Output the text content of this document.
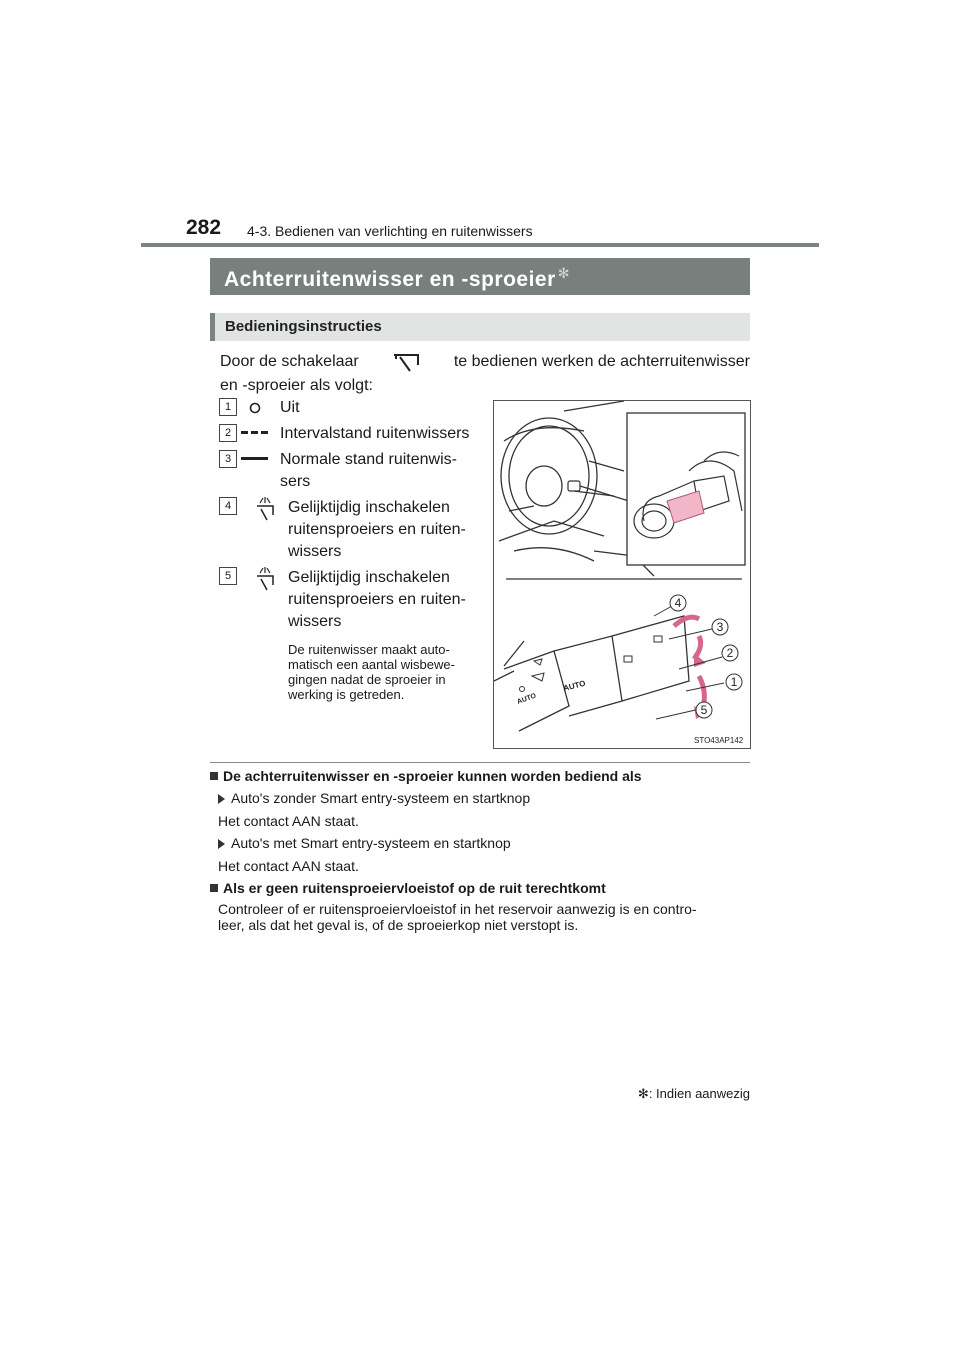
282 4-3. Bedienen van verlichting en ruitenwissers
Achterruitenwisser en -sproeier ✻
Bedieningsinstructies
Door de schakelaar	te bedienen werken de achterruitenwisser
en -sproeier als volgt:
1	Uit
2	Intervalstand ruitenwissers
3	Normale stand ruitenwis-
sers
4	Gelijktijdig inschakelen
ruitensproeiers en ruiten-
wissers
5	Gelijktijdig inschakelen
ruitensproeiers en ruiten-
wissers
De ruitenwisser maakt auto-
matisch een aantal wisbewe-
gingen nadat de sproeier in
werking is getreden.
AUTO
AUTO
4
3
2
1
5
STO43AP142
De achterruitenwisser en -sproeier kunnen worden bediend als
Auto's zonder Smart entry-systeem en startknop
Het contact AAN staat.
Auto's met Smart entry-systeem en startknop
Het contact AAN staat.
Als er geen ruitensproeiervloeistof op de ruit terechtkomt
Controleer of er ruitensproeiervloeistof in het reservoir aanwezig is en contro-
leer, als dat het geval is, of de sproeierkop niet verstopt is.
✻: Indien aanwezig
